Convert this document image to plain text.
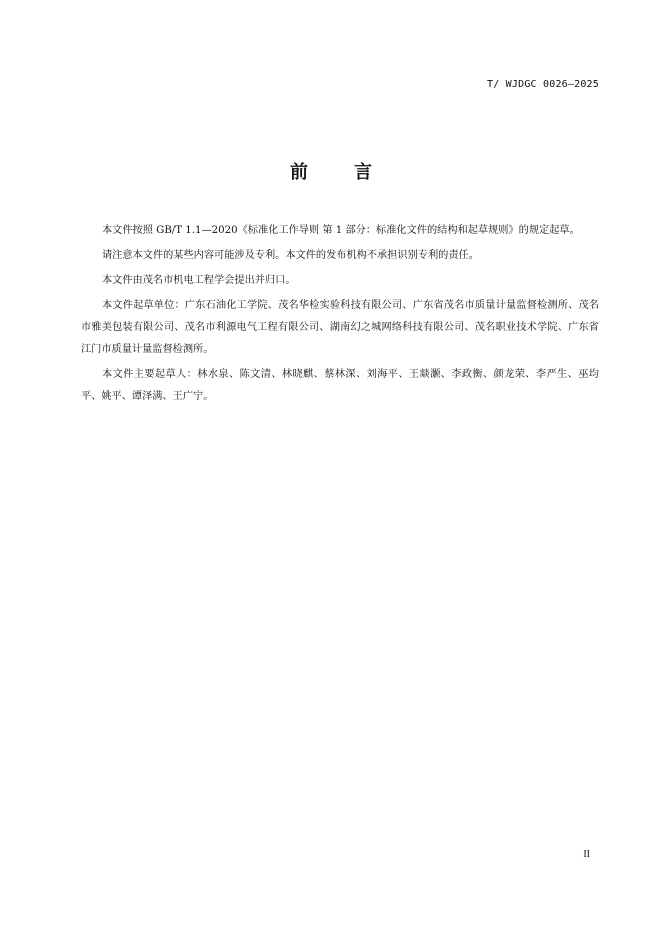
T/ WJDGC 0026—2025
前　言

本文件按照 GB/T 1.1—2020《标准化工作导则 第 1 部分：标准化文件的结构和起草规则》的规定起草。

请注意本文件的某些内容可能涉及专利。本文件的发布机构不承担识别专利的责任。

本文件由茂名市机电工程学会提出并归口。

本文件起草单位：广东石油化工学院、茂名华检实验科技有限公司、广东省茂名市质量计量监督检测所、茂名市雅美包装有限公司、茂名市利源电气工程有限公司、湖南幻之城网络科技有限公司、茂名职业技术学院、广东省江门市质量计量监督检测所。

本文件主要起草人：林水泉、陈文清、林晓麒、蔡林深、刘海平、王燚灏、李政衡、颜龙荣、李严生、巫均平、姚平、谭泽满、王广宁。

II
